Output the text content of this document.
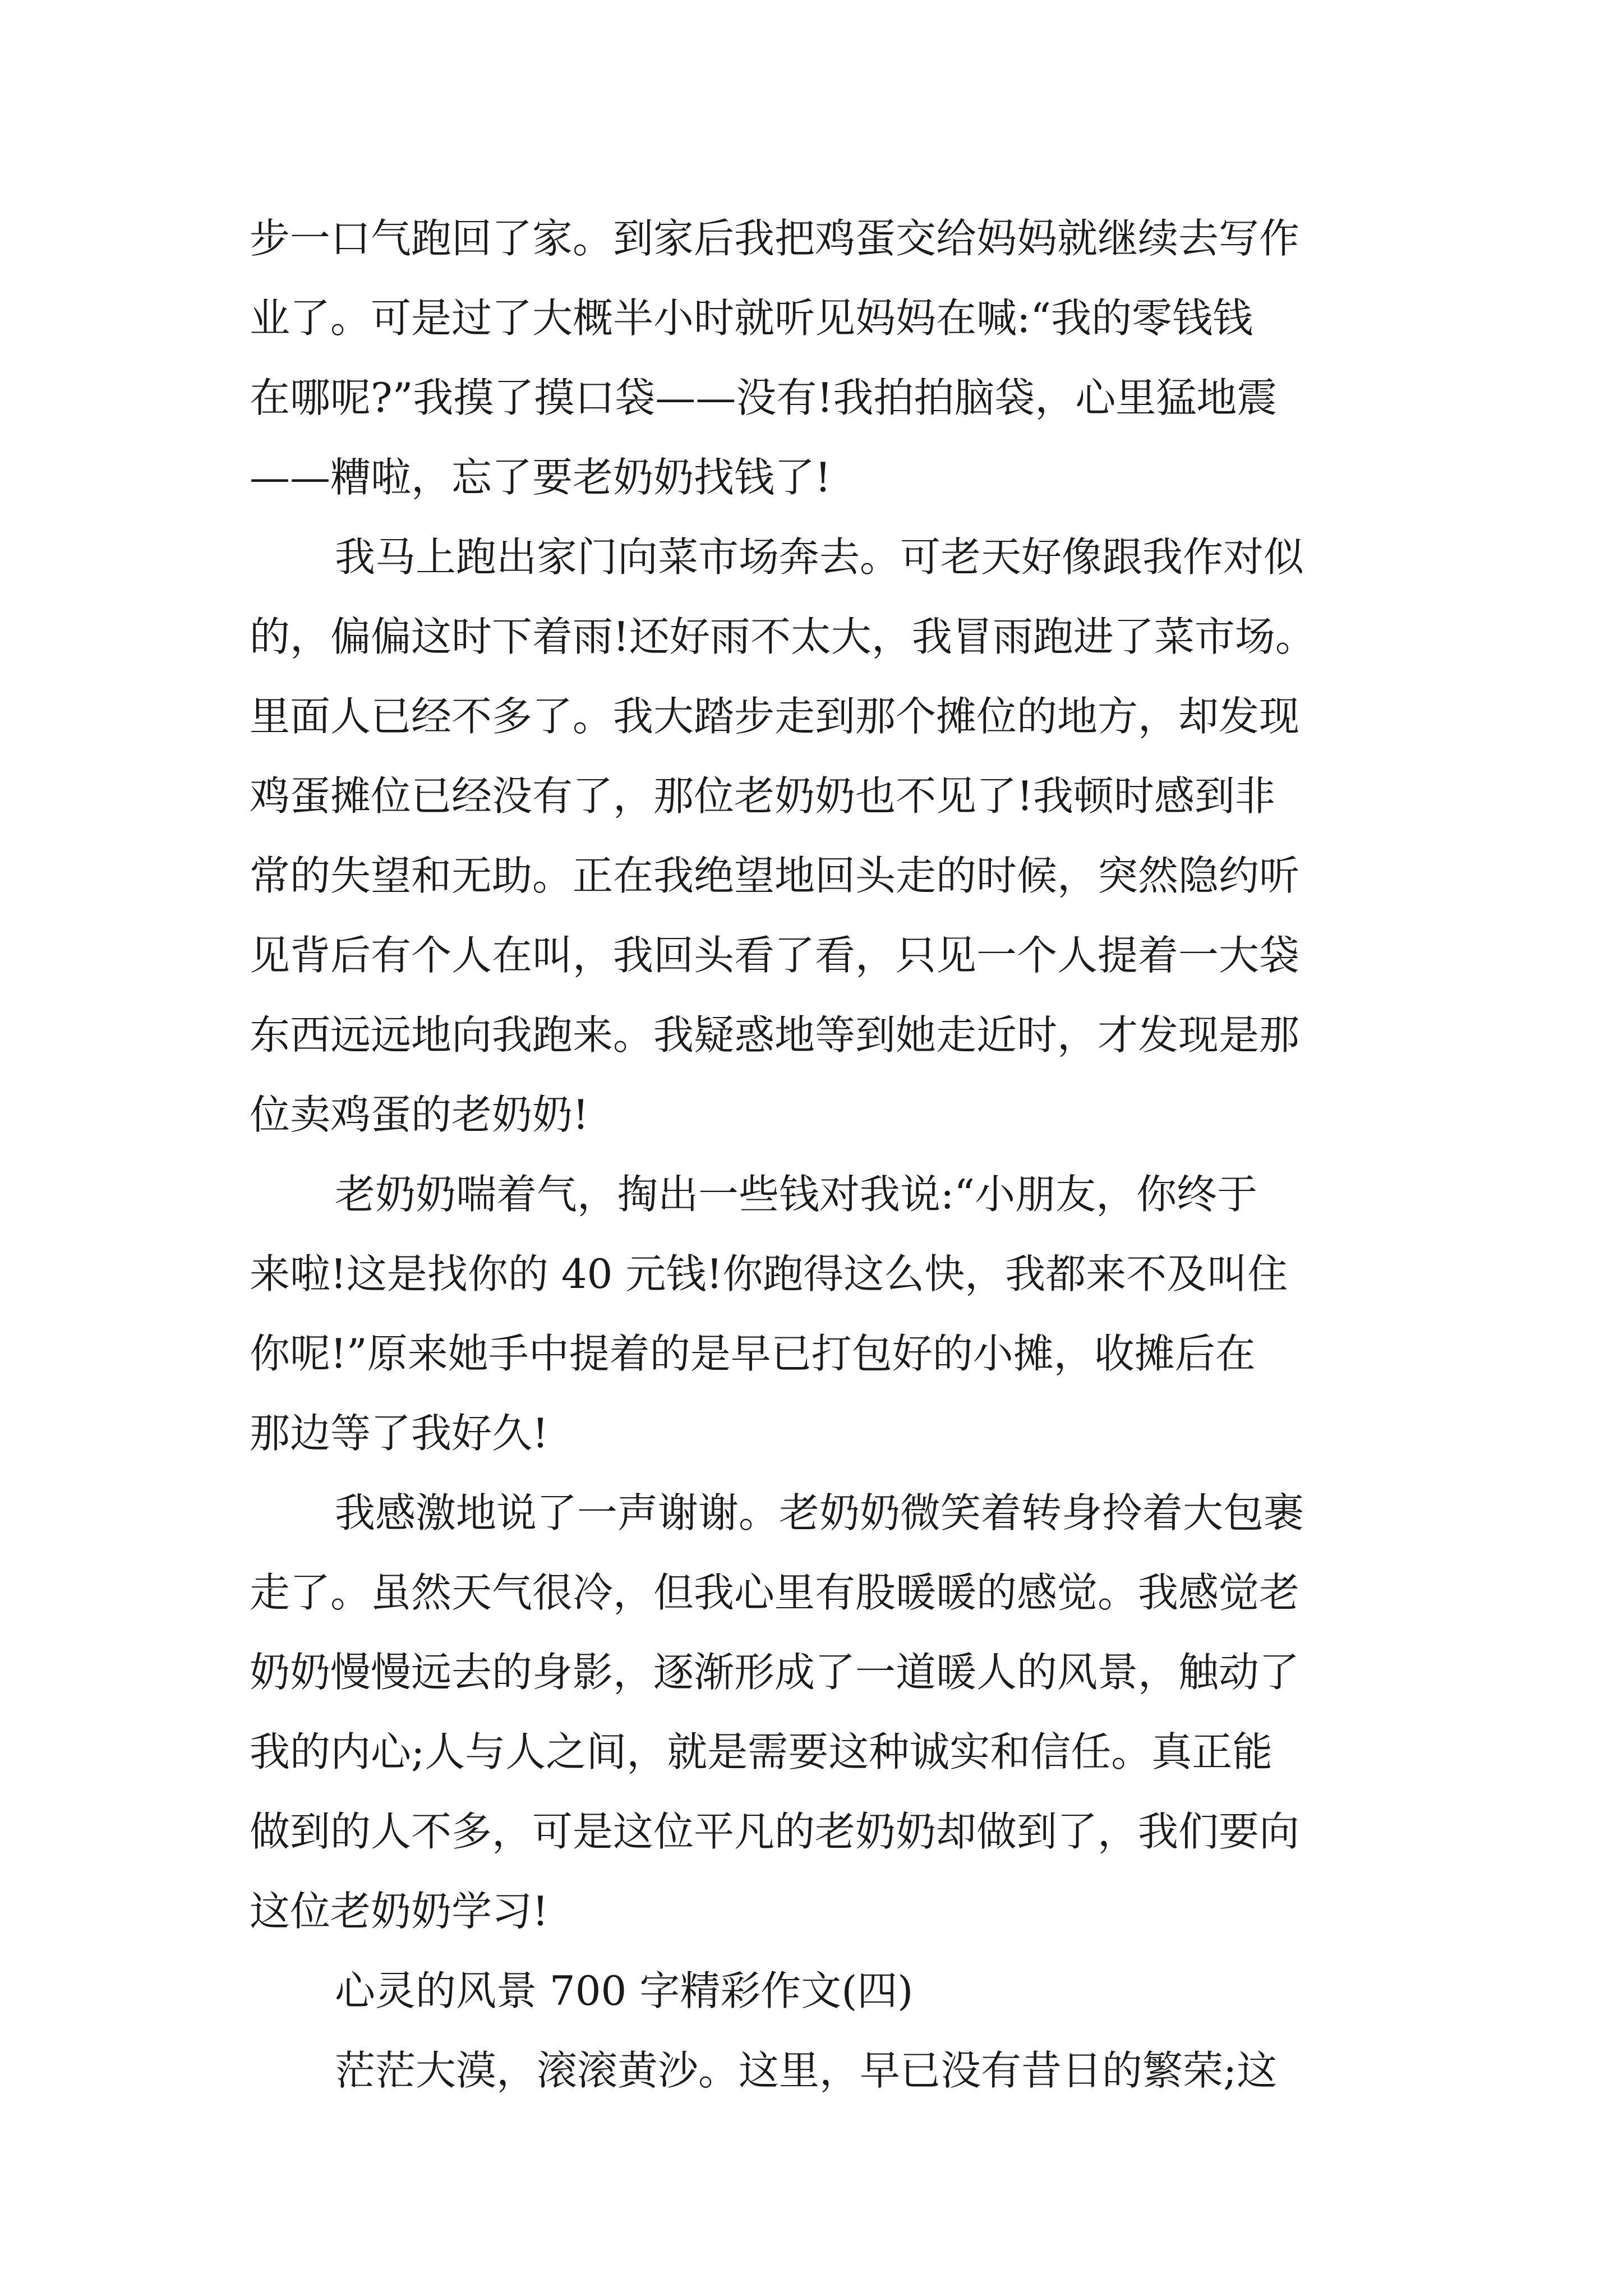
步一口气跑回了家。到家后我把鸡蛋交给妈妈就继续去写作
业了。可是过了大概半小时就听见妈妈在喊:“我的零钱钱
在哪呢?”我摸了摸口袋——没有!我拍拍脑袋，心里猛地震
——糟啦，忘了要老奶奶找钱了!
我马上跑出家门向菜市场奔去。可老天好像跟我作对似
的，偏偏这时下着雨!还好雨不太大，我冒雨跑进了菜市场。
里面人已经不多了。我大踏步走到那个摊位的地方，却发现
鸡蛋摊位已经没有了，那位老奶奶也不见了!我顿时感到非
常的失望和无助。正在我绝望地回头走的时候，突然隐约听
见背后有个人在叫，我回头看了看，只见一个人提着一大袋
东西远远地向我跑来。我疑惑地等到她走近时，才发现是那
位卖鸡蛋的老奶奶!
老奶奶喘着气，掏出一些钱对我说:“小朋友，你终于
来啦!这是找你的 40 元钱!你跑得这么快，我都来不及叫住
你呢!”原来她手中提着的是早已打包好的小摊，收摊后在
那边等了我好久!
我感激地说了一声谢谢。老奶奶微笑着转身拎着大包裹
走了。虽然天气很冷，但我心里有股暖暖的感觉。我感觉老
奶奶慢慢远去的身影，逐渐形成了一道暖人的风景，触动了
我的内心;人与人之间，就是需要这种诚实和信任。真正能
做到的人不多，可是这位平凡的老奶奶却做到了，我们要向
这位老奶奶学习!
心灵的风景 700 字精彩作文(四)
茫茫大漠，滚滚黄沙。这里，早已没有昔日的繁荣;这
